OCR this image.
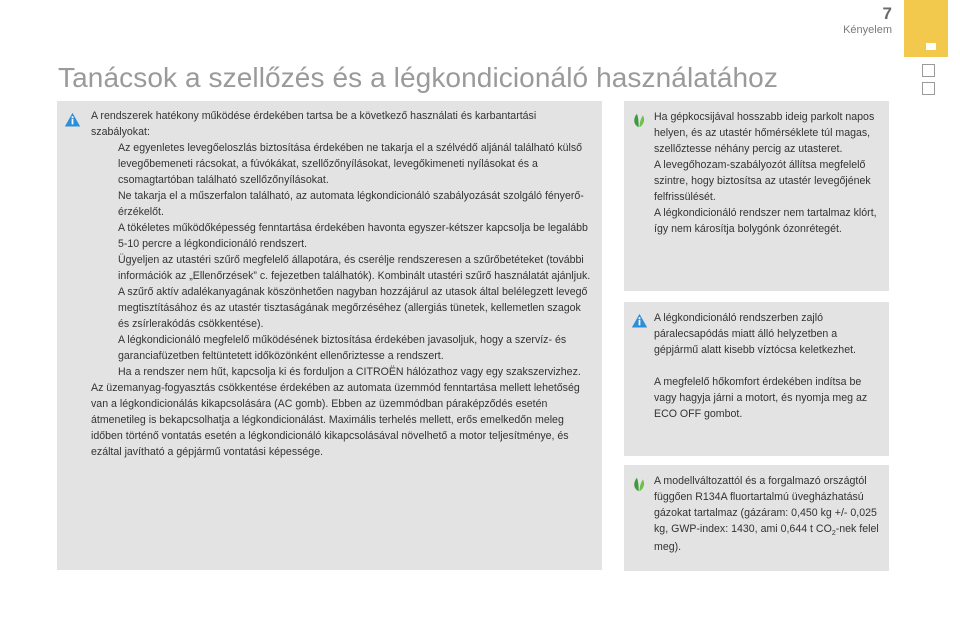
7
Kényelem
Tanácsok a szellőzés és a légkondicionáló használatához

A rendszerek hatékony működése érdekében tartsa be a következő használati és karbantartási szabályokat:

Az egyenletes levegőeloszlás biztosítása érdekében ne takarja el a szélvédő aljánál található külső levegőbemeneti rácsokat, a fúvókákat, szellőzőnyílásokat, levegőkimeneti nyílásokat és a csomagtartóban található szellőzőnyílásokat.
Ne takarja el a műszerfalon található, az automata légkondicionáló szabályozását szolgáló fényerő-érzékelőt.
A tökéletes működőképesség fenntartása érdekében havonta egyszer-kétszer kapcsolja be legalább 5-10 percre a légkondicionáló rendszert.
Ügyeljen az utastéri szűrő megfelelő állapotára, és cserélje rendszeresen a szűrőbetéteket (további információk az „Ellenőrzések” c. fejezetben találhatók). Kombinált utastéri szűrő használatát ajánljuk. A szűrő aktív adalékanyagának köszönhetően nagyban hozzájárul az utasok által belélegzett levegő megtisztításához és az utastér tisztaságának megőrzéséhez (allergiás tünetek, kellemetlen szagok és zsírlerakódás csökkentése).
A légkondicionáló megfelelő működésének biztosítása érdekében javasoljuk, hogy a szervíz- és garanciafüzetben feltüntetett időközönként ellenőriztesse a rendszert.
Ha a rendszer nem hűt, kapcsolja ki és forduljon a CITROËN hálózathoz vagy egy szakszervizhez.

Az üzemanyag-fogyasztás csökkentése érdekében az automata üzemmód fenntartása mellett lehetőség van a légkondicionálás kikapcsolására (AC gomb). Ebben az üzemmódban páraképződés esetén átmenetileg is bekapcsolhatja a légkondicionálást. Maximális terhelés mellett, erős emelkedőn meleg időben történő vontatás esetén a légkondicionáló kikapcsolásával növelhető a motor teljesítménye, és ezáltal javítható a gépjármű vontatási képessége.

Ha gépkocsijával hosszabb ideig parkolt napos helyen, és az utastér hőmérséklete túl magas, szellőztesse néhány percig az utasteret.

A levegőhozam-szabályozót állítsa megfelelő szintre, hogy biztosítsa az utastér levegőjének felfrissülését.

A légkondicionáló rendszer nem tartalmaz klórt, így nem károsítja bolygónk ózonrétegét.

A légkondicionáló rendszerben zajló páralecsapódás miatt álló helyzetben a gépjármű alatt kisebb víztócsa keletkezhet.

A megfelelő hőkomfort érdekében indítsa be vagy hagyja járni a motort, és nyomja meg az ECO OFF gombot.

A modellváltozattól és a forgalmazó országtól függően R134A fluortartalmú üvegházhatású gázokat tartalmaz (gázáram: 0,450 kg +/- 0,025 kg, GWP-index: 1430, ami 0,644 t $CO_2$-nek felel meg).
